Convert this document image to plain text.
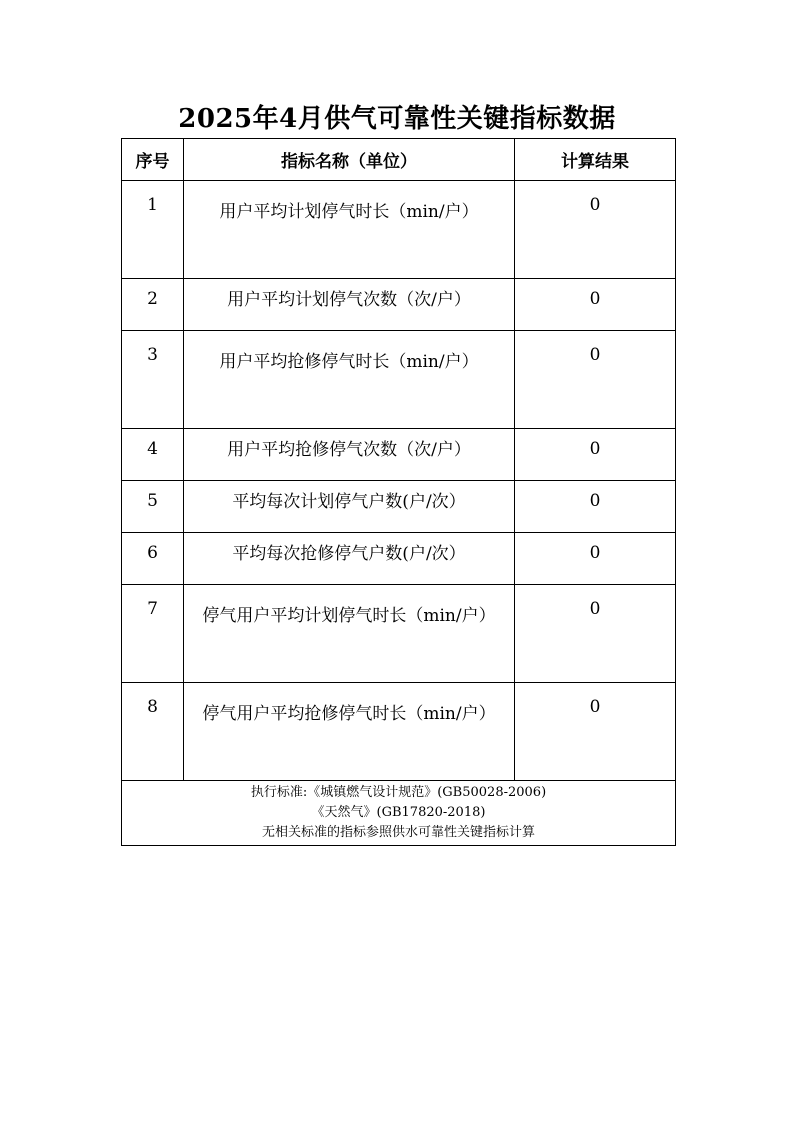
2025年4月供气可靠性关键指标数据
序号	指标名称（单位）	计算结果
1	用户平均计划停气时长（min/户）	0
2	用户平均计划停气次数（次/户）	0
3	用户平均抢修停气时长（min/户）	0
4	用户平均抢修停气次数（次/户）	0
5	平均每次计划停气户数(户/次）	0
6	平均每次抢修停气户数(户/次）	0
7	停气用户平均计划停气时长（min/户）	0
8	停气用户平均抢修停气时长（min/户）	0

执行标准:《城镇燃气设计规范》(GB50028-2006)
《天然气》(GB17820-2018)
无相关标准的指标参照供水可靠性关键指标计算		
